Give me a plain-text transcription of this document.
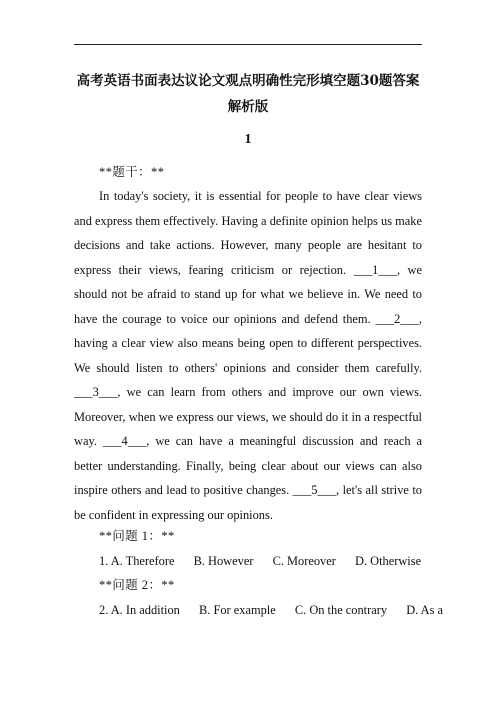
高考英语书面表达议论文观点明确性完形填空题30题答案
解析版
1
**题干：**
In today's society, it is essential for people to have clear views and express them effectively. Having a definite opinion helps us make decisions and take actions. However, many people are hesitant to express their views, fearing criticism or rejection. ___1___, we should not be afraid to stand up for what we believe in. We need to have the courage to voice our opinions and defend them. ___2___, having a clear view also means being open to different perspectives. We should listen to others' opinions and consider them carefully. ___3___, we can learn from others and improve our own views. Moreover, when we express our views, we should do it in a respectful way. ___4___, we can have a meaningful discussion and reach a better understanding. Finally, being clear about our views can also inspire others and lead to positive changes. ___5___, let's all strive to be confident in expressing our opinions.
**问题 1：**
1. A. Therefore B. However C. Moreover D. Otherwise
**问题 2：**
2. A. In addition B. For example C. On the contrary D. As a
